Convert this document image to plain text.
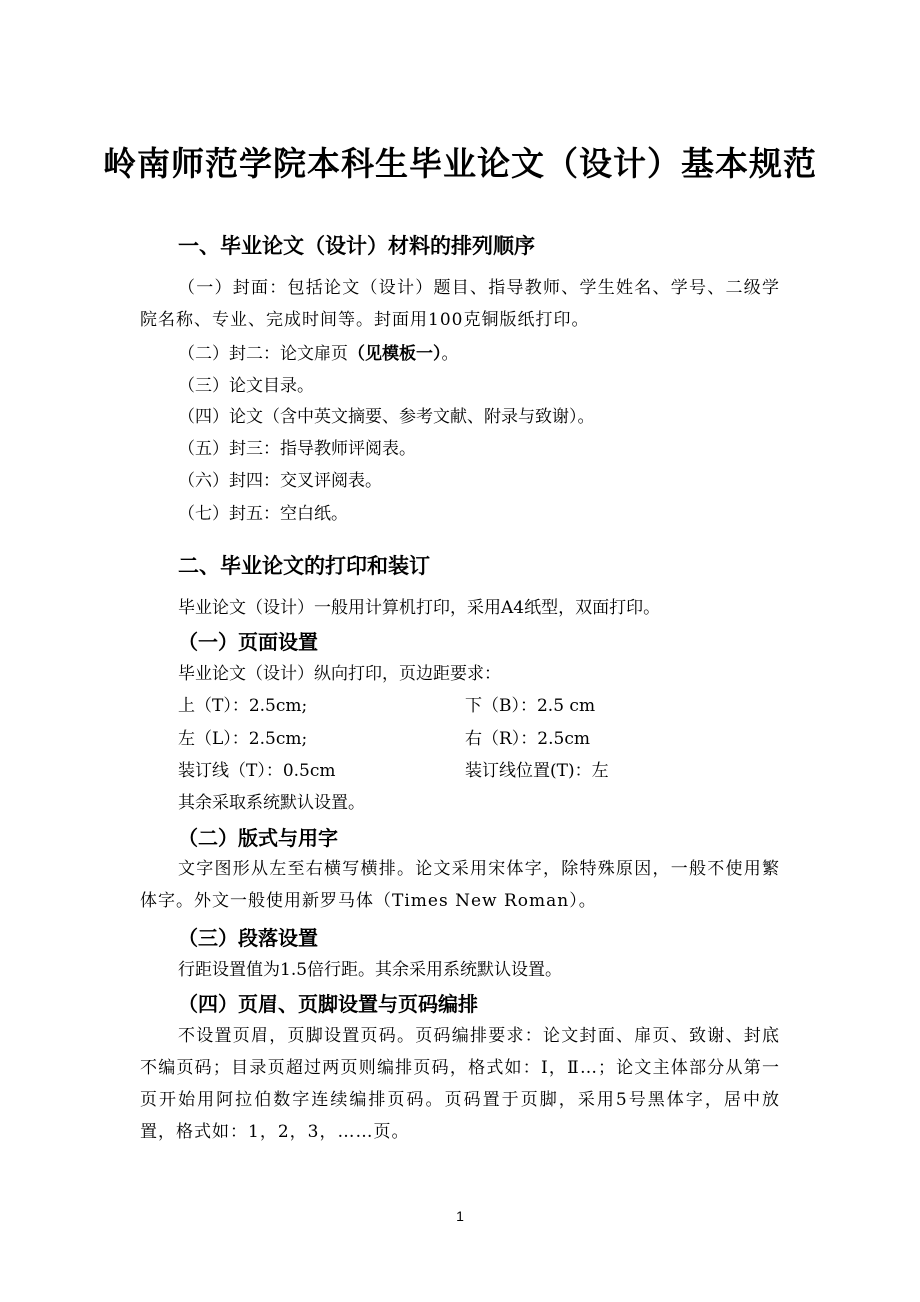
岭南师范学院本科生毕业论文（设计）基本规范
一、毕业论文（设计）材料的排列顺序
（一）封面：包括论文（设计）题目、指导教师、学生姓名、学号、二级学院名称、专业、完成时间等。封面用100克铜版纸打印。
（二）封二：论文扉页（见模板一）。
（三）论文目录。
（四）论文（含中英文摘要、参考文献、附录与致谢）。
（五）封三：指导教师评阅表。
（六）封四：交叉评阅表。
（七）封五：空白纸。
二、毕业论文的打印和装订
毕业论文（设计）一般用计算机打印，采用A4纸型，双面打印。
（一）页面设置
毕业论文（设计）纵向打印，页边距要求：
上（T）：2.5cm;	下（B）：2.5 cm
左（L）：2.5cm;	右（R）：2.5cm
装订线（T）：0.5cm	装订线位置(T)：左
其余采取系统默认设置。
（二）版式与用字
文字图形从左至右横写横排。论文采用宋体字，除特殊原因，一般不使用繁体字。外文一般使用新罗马体（Times New Roman）。
（三）段落设置
行距设置值为1.5倍行距。其余采用系统默认设置。
（四）页眉、页脚设置与页码编排
不设置页眉，页脚设置页码。页码编排要求：论文封面、扉页、致谢、封底不编页码；目录页超过两页则编排页码，格式如：Ⅰ，Ⅱ…；论文主体部分从第一页开始用阿拉伯数字连续编排页码。页码置于页脚，采用5号黑体字，居中放置，格式如：1，2，3，……页。
1
